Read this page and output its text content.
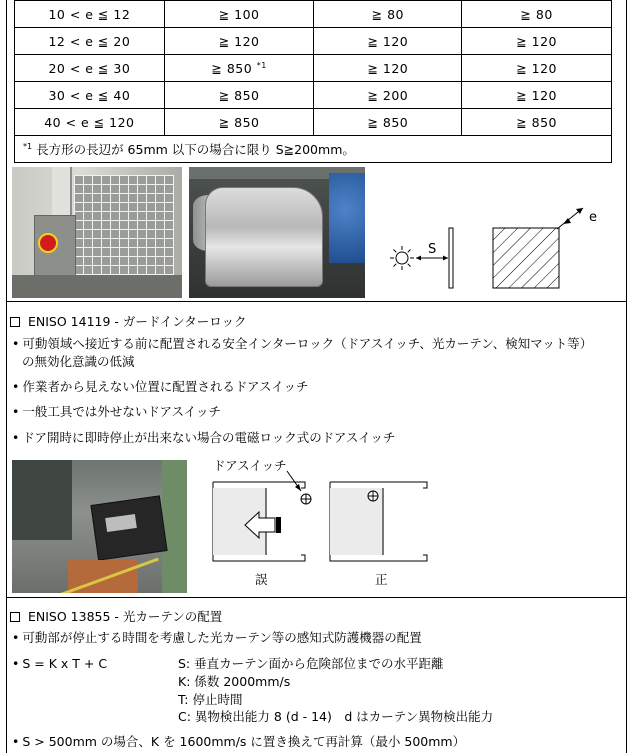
10 < e ≦ 12	≧ 100	≧ 80	≧ 80
12 < e ≦ 20	≧ 120	≧ 120	≧ 120
20 < e ≦ 30	≧ 850 $^{*1}$	≧ 120	≧ 120
30 < e ≦ 40	≧ 850	≧ 200	≧ 120
40 < e ≦ 120	≧ 850	≧ 850	≧ 850
$^{*1}$ 長方形の長辺が 65mm 以下の場合に限り S≧200mm。			
S
e
ENISO 14119 - ガードインターロック
• 可動領域へ接近する前に配置される安全インターロック（ドアスイッチ、光カーテン、検知マット等）
の無効化意識の低減
• 作業者から見えない位置に配置されるドアスイッチ
• 一般工具では外せないドアスイッチ
• ドア開時に即時停止が出来ない場合の電磁ロック式のドアスイッチ
ドアスイッチ
誤	正
ENISO 13855 - 光カーテンの配置
• 可動部が停止する時間を考慮した光カーテン等の感知式防護機器の配置
• S = K x T + C	S: 垂直カーテン面から危険部位までの水平距離
K: 係数 2000mm/s
T: 停止時間
C: 異物検出能力 8 (d - 14)　d はカーテン異物検出能力
• S > 500mm の場合、K を 1600mm/s に置き換えて再計算（最小 500mm）
